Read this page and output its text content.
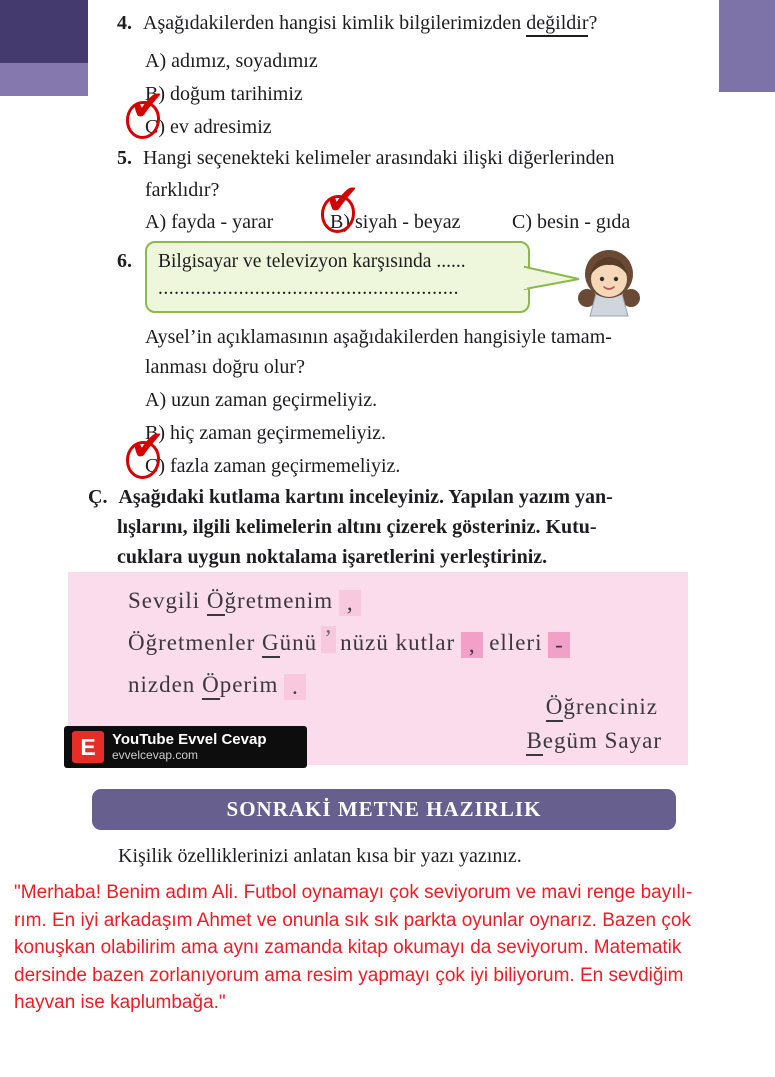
4. Aşağıdakilerden hangisi kimlik bilgilerimizden değildir?
A) adımız, soyadımız
B) doğum tarihimiz
C) ev adresimiz
✔
5. Hangi seçenekteki kelimeler arasındaki ilişki diğerlerinden
farklıdır?
A) fayda - yarar	B) siyah - beyaz	C) besin - gıda
✔
6.	Bilgisayar ve televizyon karşısında ......
........................................................
Aysel’in açıklamasının aşağıdakilerden hangisiyle tamam-
lanması doğru olur?
A) uzun zaman geçirmeliyiz.
B) hiç zaman geçirmemeliyiz.
C) fazla zaman geçirmemeliyiz.
✔
Ç. Aşağıdaki kutlama kartını inceleyiniz. Yapılan yazım yan-
lışlarını, ilgili kelimelerin altını çizerek gösteriniz. Kutu-
cuklara uygun noktalama işaretlerini yerleştiriniz.
Sevgili Öğretmenim ,
Öğretmenler Günü ’ nüzü kutlar , elleri -
nizden Öperim .
Öğrenciniz
Begüm Sayar
E	YouTube Evvel Cevap
evvelcevap.com
SONRAKİ METNE HAZIRLIK
Kişilik özelliklerinizi anlatan kısa bir yazı yazınız.
"Merhaba! Benim adım Ali. Futbol oynamayı çok seviyorum ve mavi renge bayılı-
rım. En iyi arkadaşım Ahmet ve onunla sık sık parkta oyunlar oynarız. Bazen çok
konuşkan olabilirim ama aynı zamanda kitap okumayı da seviyorum. Matematik
dersinde bazen zorlanıyorum ama resim yapmayı çok iyi biliyorum. En sevdiğim
hayvan ise kaplumbağa."
